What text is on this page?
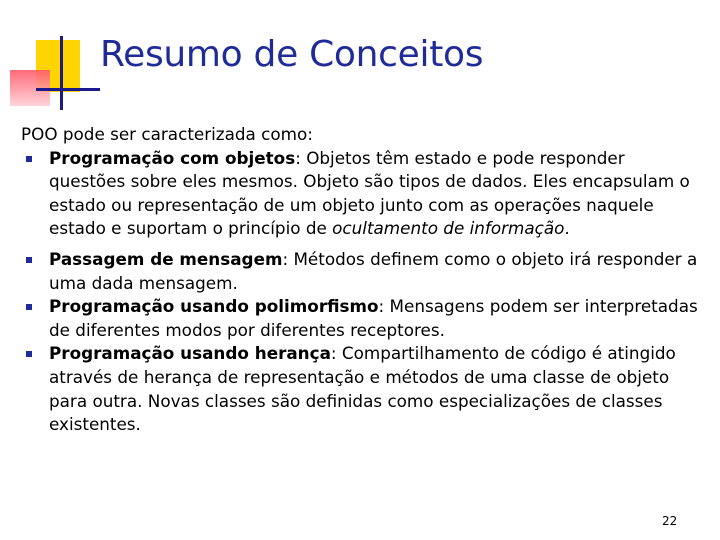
Resumo de Conceitos

POO pode ser caracterizada como:

Programação com objetos: Objetos têm estado e pode responder questões sobre eles mesmos. Objeto são tipos de dados. Eles encapsulam o estado ou representação de um objeto junto com as operações naquele estado e suportam o princípio de ocultamento de informação.
Passagem de mensagem: Métodos definem como o objeto irá responder a uma dada mensagem.
Programação usando polimorfismo: Mensagens podem ser interpretadas de diferentes modos por diferentes receptores.
Programação usando herança: Compartilhamento de código é atingido através de herança de representação e métodos de uma classe de objeto para outra. Novas classes são definidas como especializações de classes existentes.
22
